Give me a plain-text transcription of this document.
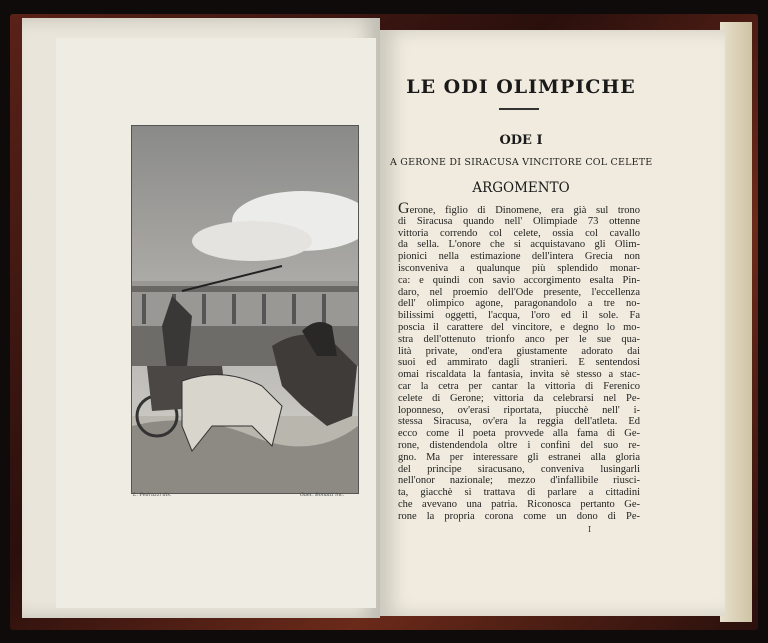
L. Pedrazzi dis.	Gaet. Bonatti inc.
LE ODI OLIMPICHE
ODE I
A GERONE DI SIRACUSA VINCITORE COL CELETE
ARGOMENTO
Gerone, figlio di Dinomene, era già sul trono
di Siracusa quando nell' Olimpiade 73 ottenne
vittoria correndo col celete, ossia col cavallo
da sella. L'onore che si acquistavano gli Olim-
pionici nella estimazione dell'intera Grecia non
isconveniva a qualunque più splendido monar-
ca: e quindi con savio accorgimento esalta Pin-
daro, nel proemio dell'Ode presente, l'eccellenza
dell' olimpico agone, paragonandolo a tre no-
bilissimi oggetti, l'acqua, l'oro ed il sole. Fa
poscia il carattere del vincitore, e degno lo mo-
stra dell'ottenuto trionfo anco per le sue qua-
lità private, ond'era giustamente adorato dai
suoi ed ammirato dagli stranieri. E sentendosi
omai riscaldata la fantasia, invita sè stesso a stac-
car la cetra per cantar la vittoria di Ferenico
celete di Gerone; vittoria da celebrarsi nel Pe-
loponneso, ov'erasi riportata, piucchè nell' i-
stessa Siracusa, ov'era la reggia dell'atleta. Ed
ecco come il poeta provvede alla fama di Ge-
rone, distendendola oltre i confini del suo re-
gno. Ma per interessare gli estranei alla gloria
del principe siracusano, conveniva lusingarli
nell'onor nazionale; mezzo d'infallibile riusci-
ta, giacchè si trattava di parlare a cittadini
che avevano una patria. Riconosca pertanto Ge-
rone la propria corona come un dono di Pe-
I
